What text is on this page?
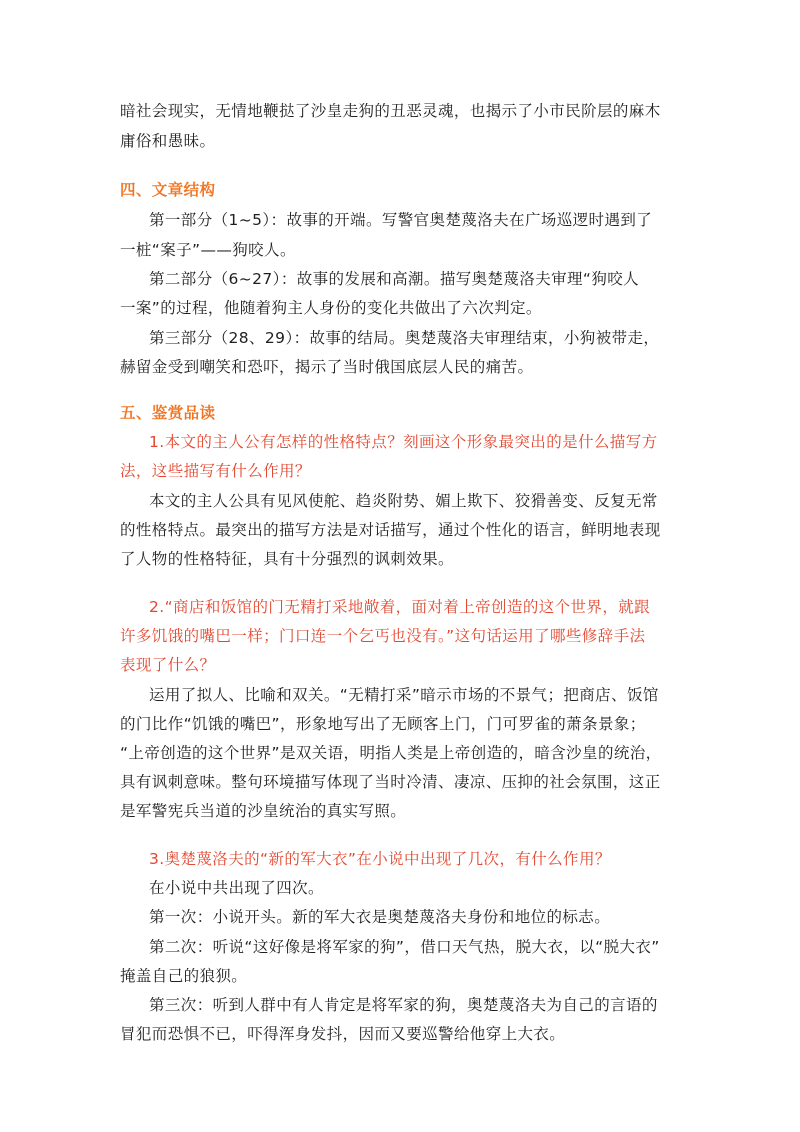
暗社会现实，无情地鞭挞了沙皇走狗的丑恶灵魂，也揭示了小市民阶层的麻木
庸俗和愚昧。
四、文章结构
第一部分（1~5）：故事的开端。写警官奥楚蔑洛夫在广场巡逻时遇到了
一桩“案子”——狗咬人。
第二部分（6~27）：故事的发展和高潮。描写奥楚蔑洛夫审理“狗咬人
一案”的过程，他随着狗主人身份的变化共做出了六次判定。
第三部分（28、29）：故事的结局。奥楚蔑洛夫审理结束，小狗被带走，
赫留金受到嘲笑和恐吓，揭示了当时俄国底层人民的痛苦。
五、鉴赏品读
1.本文的主人公有怎样的性格特点？刻画这个形象最突出的是什么描写方
法，这些描写有什么作用？
本文的主人公具有见风使舵、趋炎附势、媚上欺下、狡猾善变、反复无常
的性格特点。最突出的描写方法是对话描写，通过个性化的语言，鲜明地表现
了人物的性格特征，具有十分强烈的讽刺效果。
2.“商店和饭馆的门无精打采地敞着，面对着上帝创造的这个世界，就跟
许多饥饿的嘴巴一样；门口连一个乞丐也没有。”这句话运用了哪些修辞手法
表现了什么？
运用了拟人、比喻和双关。“无精打采”暗示市场的不景气；把商店、饭馆
的门比作“饥饿的嘴巴”，形象地写出了无顾客上门，门可罗雀的萧条景象；
“上帝创造的这个世界”是双关语，明指人类是上帝创造的，暗含沙皇的统治，
具有讽刺意味。整句环境描写体现了当时冷清、凄凉、压抑的社会氛围，这正
是军警宪兵当道的沙皇统治的真实写照。
3.奥楚蔑洛夫的“新的军大衣”在小说中出现了几次，有什么作用？
在小说中共出现了四次。
第一次：小说开头。新的军大衣是奥楚蔑洛夫身份和地位的标志。
第二次：听说“这好像是将军家的狗”，借口天气热，脱大衣，以“脱大衣”
掩盖自己的狼狈。
第三次：听到人群中有人肯定是将军家的狗，奥楚蔑洛夫为自己的言语的
冒犯而恐惧不已，吓得浑身发抖，因而又要巡警给他穿上大衣。
